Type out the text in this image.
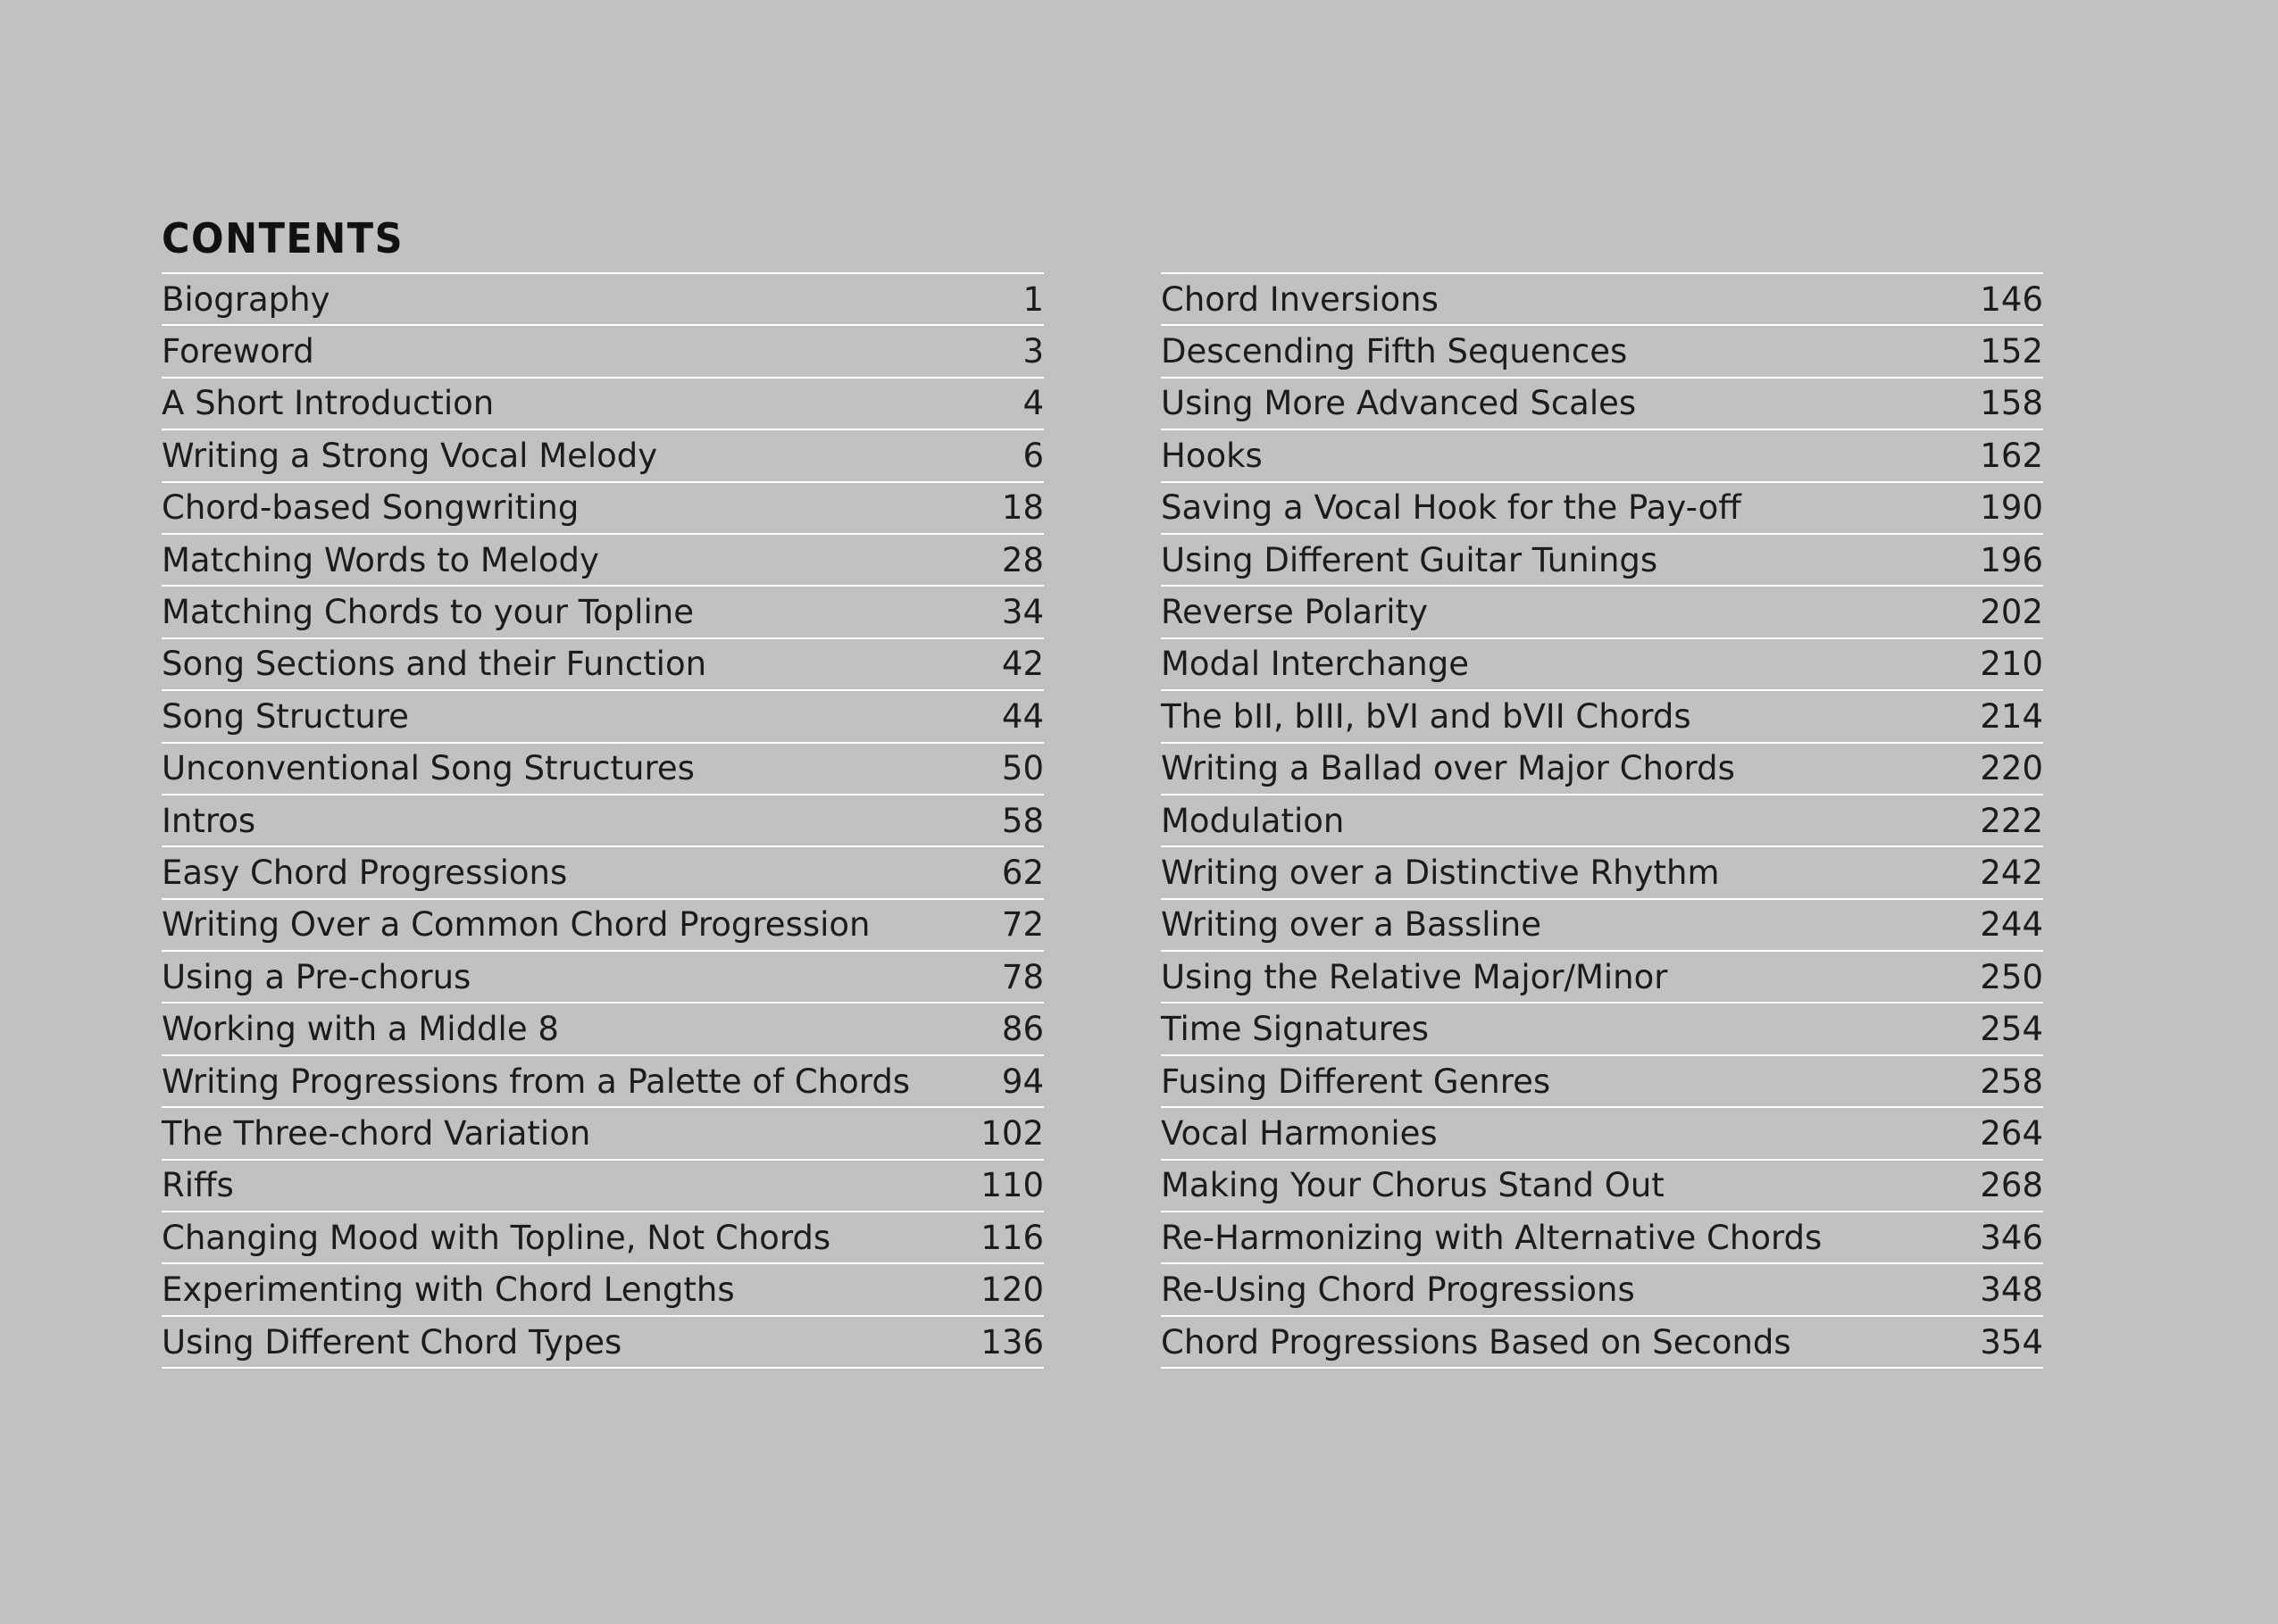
CONTENTS
Biography	1
Foreword	3
A Short Introduction	4
Writing a Strong Vocal Melody	6
Chord-based Songwriting	18
Matching Words to Melody	28
Matching Chords to your Topline	34
Song Sections and their Function	42
Song Structure	44
Unconventional Song Structures	50
Intros	58
Easy Chord Progressions	62
Writing Over a Common Chord Progression	72
Using a Pre-chorus	78
Working with a Middle 8	86
Writing Progressions from a Palette of Chords	94
The Three-chord Variation	102
Riffs	110
Changing Mood with Topline, Not Chords	116
Experimenting with Chord Lengths	120
Using Different Chord Types	136
Chord Inversions	146
Descending Fifth Sequences	152
Using More Advanced Scales	158
Hooks	162
Saving a Vocal Hook for the Pay-off	190
Using Different Guitar Tunings	196
Reverse Polarity	202
Modal Interchange	210
The bII, bIII, bVI and bVII Chords	214
Writing a Ballad over Major Chords	220
Modulation	222
Writing over a Distinctive Rhythm	242
Writing over a Bassline	244
Using the Relative Major/Minor	250
Time Signatures	254
Fusing Different Genres	258
Vocal Harmonies	264
Making Your Chorus Stand Out	268
Re-Harmonizing with Alternative Chords	346
Re-Using Chord Progressions	348
Chord Progressions Based on Seconds	354
